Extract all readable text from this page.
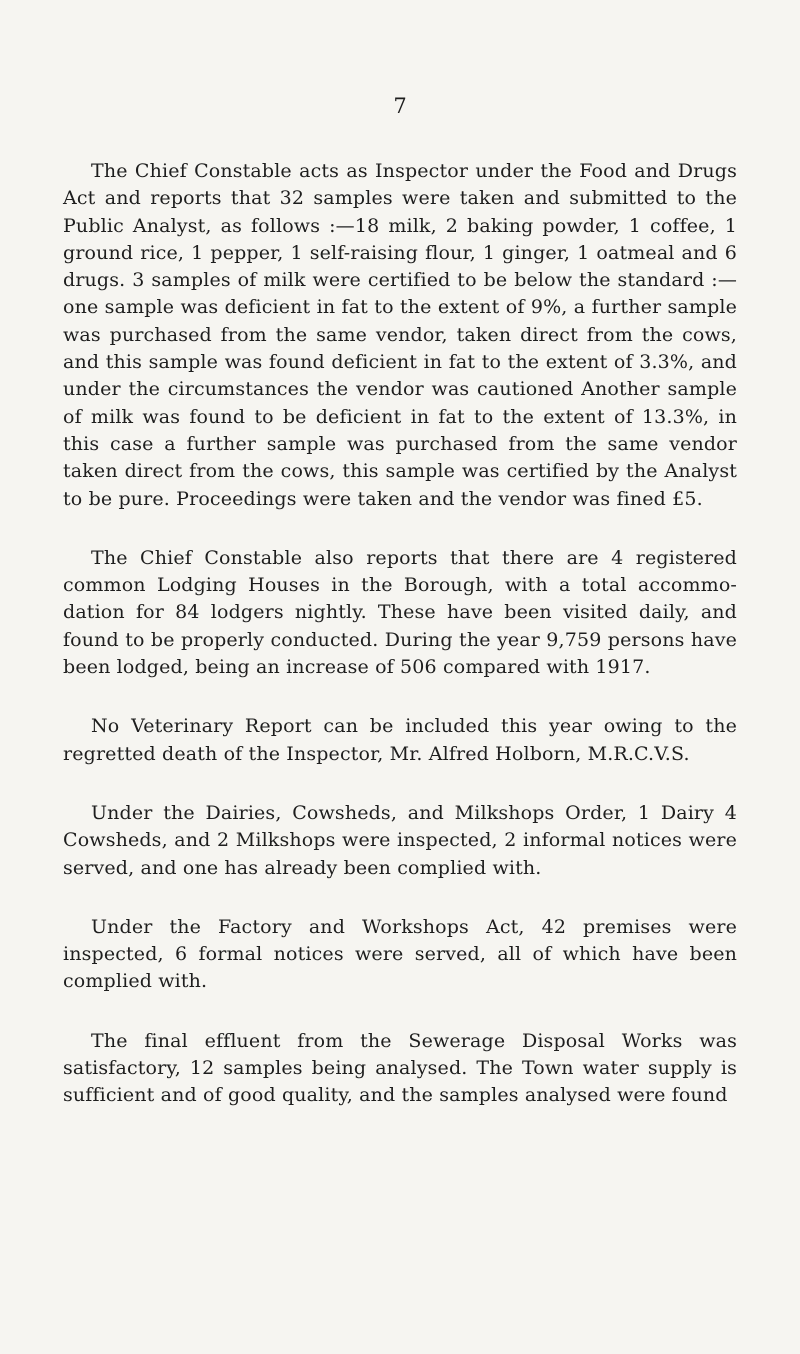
7

The Chief Constable acts as Inspector under the Food and Drugs Act and reports that 32 samples were taken and submitted to the Public Analyst, as follows :—18 milk, 2 baking powder, 1 coffee, 1 ground rice, 1 pepper, 1 self-raising flour, 1 ginger, 1 oatmeal and 6 drugs. 3 samples of milk were certified to be below the standard :— one sample was deficient in fat to the extent of 9%, a further sample was purchased from the same vendor, taken direct from the cows, and this sample was found deficient in fat to the extent of 3.3%, and under the circumstances the vendor was cautioned Another sample of milk was found to be deficient in fat to the extent of 13.3%, in this case a further sample was purchased from the same vendor taken direct from the cows, this sample was certified by the Analyst to be pure. Proceedings were taken and the vendor was fined £5.

The Chief Constable also reports that there are 4 registered common Lodging Houses in the Borough, with a total accommo- dation for 84 lodgers nightly. These have been visited daily, and found to be properly conducted. During the year 9,759 persons have been lodged, being an increase of 506 compared with 1917.

No Veterinary Report can be included this year owing to the regretted death of the Inspector, Mr. Alfred Holborn, M.R.C.V.S.

Under the Dairies, Cowsheds, and Milkshops Order, 1 Dairy 4 Cowsheds, and 2 Milkshops were inspected, 2 informal notices were served, and one has already been complied with.

Under the Factory and Workshops Act, 42 premises were inspected, 6 formal notices were served, all of which have been complied with.

The final effluent from the Sewerage Disposal Works was satisfactory, 12 samples being analysed. The Town water supply is sufficient and of good quality, and the samples analysed were found
